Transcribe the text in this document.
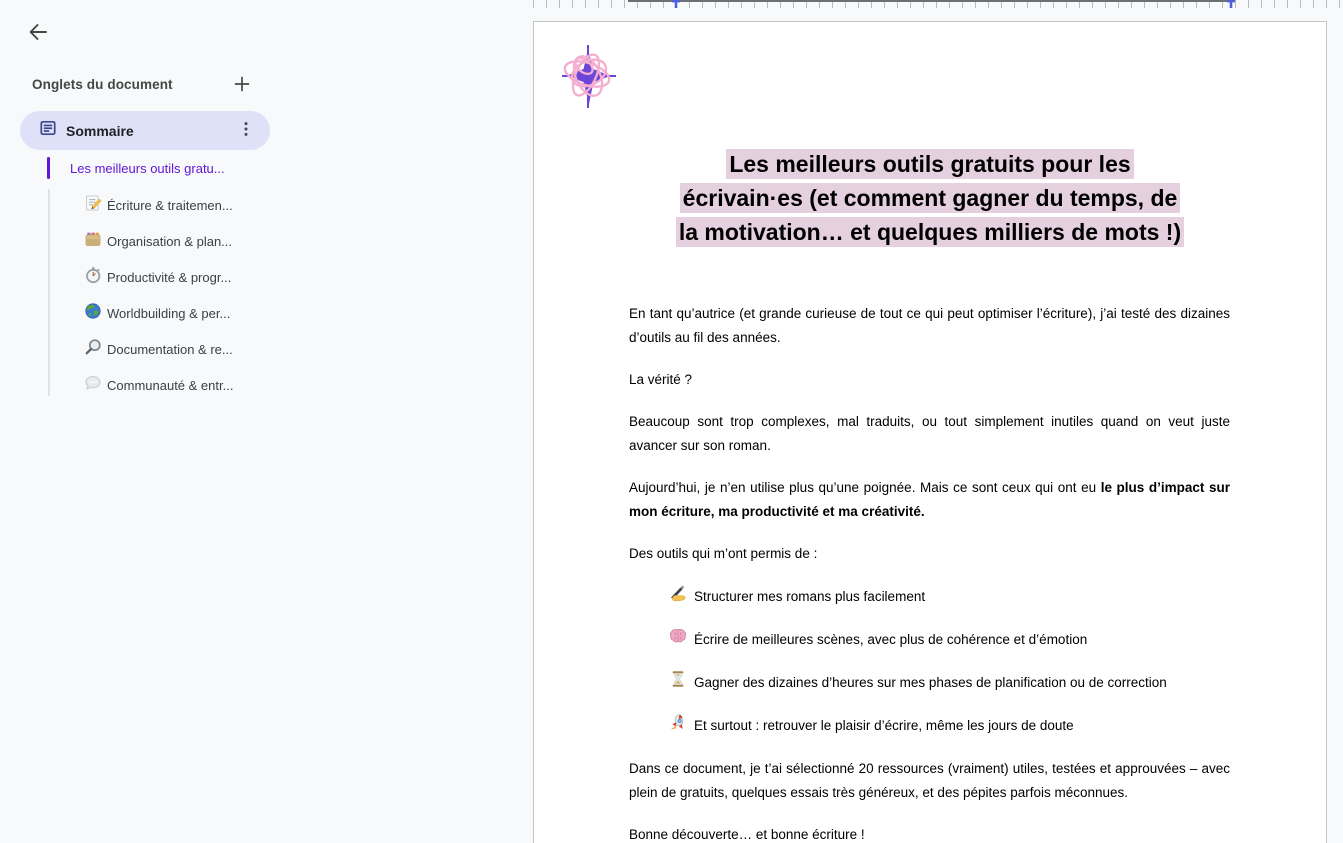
Onglets du document
Sommaire
Les meilleurs outils gratu...
Écriture & traitemen...
Organisation & plan...
Productivité & progr...
Worldbuilding & per...
Documentation & re...
Communauté & entr...
Les meilleurs outils gratuits pour les
écrivain·es (et comment gagner du temps, de
la motivation… et quelques milliers de mots !)

En tant qu’autrice (et grande curieuse de tout ce qui peut optimiser l’écriture), j’ai testé des dizaines d’outils au fil des années.

La vérité ?

Beaucoup sont trop complexes, mal traduits, ou tout simplement inutiles quand on veut juste avancer sur son roman.

Aujourd’hui, je n’en utilise plus qu’une poignée. Mais ce sont ceux qui ont eu le plus d’impact sur mon écriture, ma productivité et ma créativité.

Des outils qui m’ont permis de :

Structurer mes romans plus facilement
Écrire de meilleures scènes, avec plus de cohérence et d’émotion
Gagner des dizaines d’heures sur mes phases de planification ou de correction
Et surtout : retrouver le plaisir d’écrire, même les jours de doute

Dans ce document, je t’ai sélectionné 20 ressources (vraiment) utiles, testées et approuvées – avec plein de gratuits, quelques essais très généreux, et des pépites parfois méconnues.

Bonne découverte… et bonne écriture !
